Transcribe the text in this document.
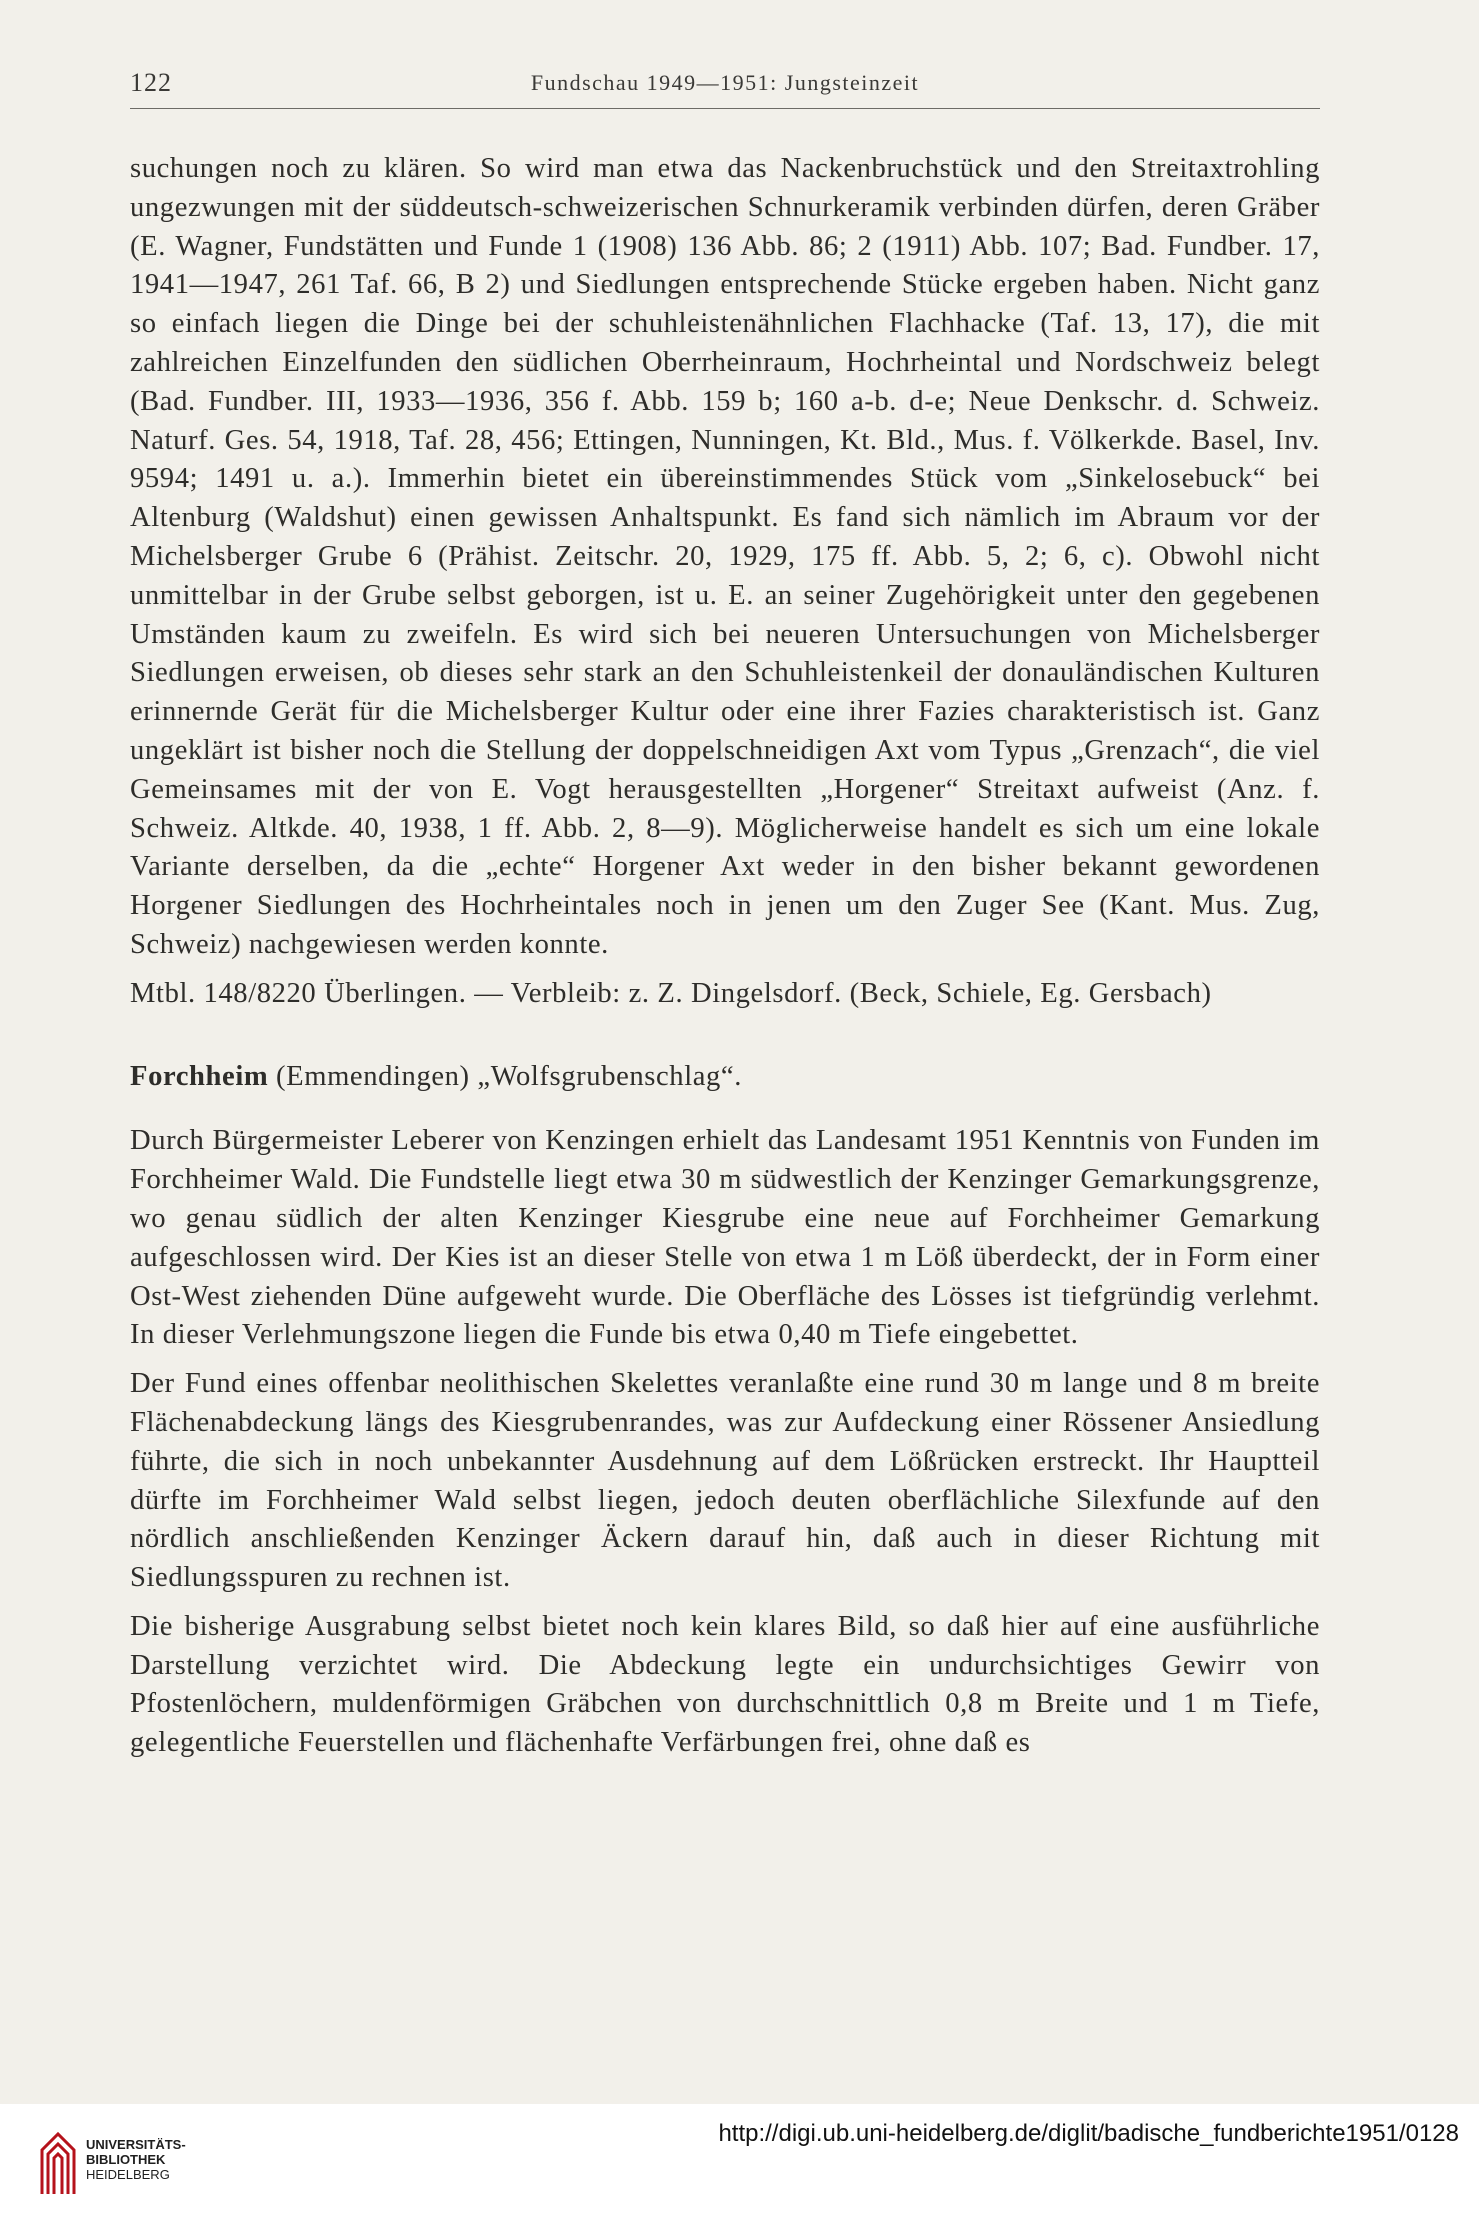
122	Fundschau 1949—1951: Jungsteinzeit

suchungen noch zu klären. So wird man etwa das Nackenbruchstück und den Streitaxtrohling ungezwungen mit der süddeutsch-schweizerischen Schnurkeramik verbinden dürfen, deren Gräber (E. Wagner, Fundstätten und Funde 1 (1908) 136 Abb. 86; 2 (1911) Abb. 107; Bad. Fundber. 17, 1941—1947, 261 Taf. 66, B 2) und Siedlungen entsprechende Stücke ergeben haben. Nicht ganz so einfach liegen die Dinge bei der schuhleistenähnlichen Flachhacke (Taf. 13, 17), die mit zahlreichen Einzelfunden den südlichen Oberrheinraum, Hochrheintal und Nordschweiz belegt (Bad. Fundber. III, 1933—1936, 356 f. Abb. 159 b; 160 a-b. d-e; Neue Denkschr. d. Schweiz. Naturf. Ges. 54, 1918, Taf. 28, 456; Ettingen, Nunningen, Kt. Bld., Mus. f. Völkerkde. Basel, Inv. 9594; 1491 u. a.). Immerhin bietet ein übereinstimmendes Stück vom „Sinkelosebuck“ bei Altenburg (Waldshut) einen gewissen Anhaltspunkt. Es fand sich nämlich im Abraum vor der Michelsberger Grube 6 (Prähist. Zeitschr. 20, 1929, 175 ff. Abb. 5, 2; 6, c). Obwohl nicht unmittelbar in der Grube selbst geborgen, ist u. E. an seiner Zugehörigkeit unter den gegebenen Umständen kaum zu zweifeln. Es wird sich bei neueren Untersuchungen von Michelsberger Siedlungen erweisen, ob dieses sehr stark an den Schuhleistenkeil der donauländischen Kulturen erinnernde Gerät für die Michelsberger Kultur oder eine ihrer Fazies charakteristisch ist. Ganz ungeklärt ist bisher noch die Stellung der doppelschneidigen Axt vom Typus „Grenzach“, die viel Gemeinsames mit der von E. Vogt herausgestellten „Horgener“ Streitaxt aufweist (Anz. f. Schweiz. Altkde. 40, 1938, 1 ff. Abb. 2, 8—9). Möglicherweise handelt es sich um eine lokale Variante derselben, da die „echte“ Horgener Axt weder in den bisher bekannt gewordenen Horgener Siedlungen des Hochrheintales noch in jenen um den Zuger See (Kant. Mus. Zug, Schweiz) nachgewiesen werden konnte.

Mtbl. 148/8220 Überlingen. — Verbleib: z. Z. Dingelsdorf. (Beck, Schiele, Eg. Gersbach)

Forchheim (Emmendingen) „Wolfsgrubenschlag“.

Durch Bürgermeister Leberer von Kenzingen erhielt das Landesamt 1951 Kenntnis von Funden im Forchheimer Wald. Die Fundstelle liegt etwa 30 m südwestlich der Kenzinger Gemarkungsgrenze, wo genau südlich der alten Kenzinger Kiesgrube eine neue auf Forchheimer Gemarkung aufgeschlossen wird. Der Kies ist an dieser Stelle von etwa 1 m Löß überdeckt, der in Form einer Ost-West ziehenden Düne aufgeweht wurde. Die Oberfläche des Lösses ist tiefgründig verlehmt. In dieser Verlehmungszone liegen die Funde bis etwa 0,40 m Tiefe eingebettet.

Der Fund eines offenbar neolithischen Skelettes veranlaßte eine rund 30 m lange und 8 m breite Flächenabdeckung längs des Kiesgrubenrandes, was zur Aufdeckung einer Rössener Ansiedlung führte, die sich in noch unbekannter Ausdehnung auf dem Lößrücken erstreckt. Ihr Hauptteil dürfte im Forchheimer Wald selbst liegen, jedoch deuten oberflächliche Silexfunde auf den nördlich anschließenden Kenzinger Äckern darauf hin, daß auch in dieser Richtung mit Siedlungsspuren zu rechnen ist.

Die bisherige Ausgrabung selbst bietet noch kein klares Bild, so daß hier auf eine ausführliche Darstellung verzichtet wird. Die Abdeckung legte ein undurchsichtiges Gewirr von Pfostenlöchern, muldenförmigen Gräbchen von durchschnittlich 0,8 m Breite und 1 m Tiefe, gelegentliche Feuerstellen und flächenhafte Verfärbungen frei, ohne daß es

UNIVERSITÄTS-
BIBLIOTHEK
HEIDELBERG
http://digi.ub.uni-heidelberg.de/diglit/badische_fundberichte1951/0128
